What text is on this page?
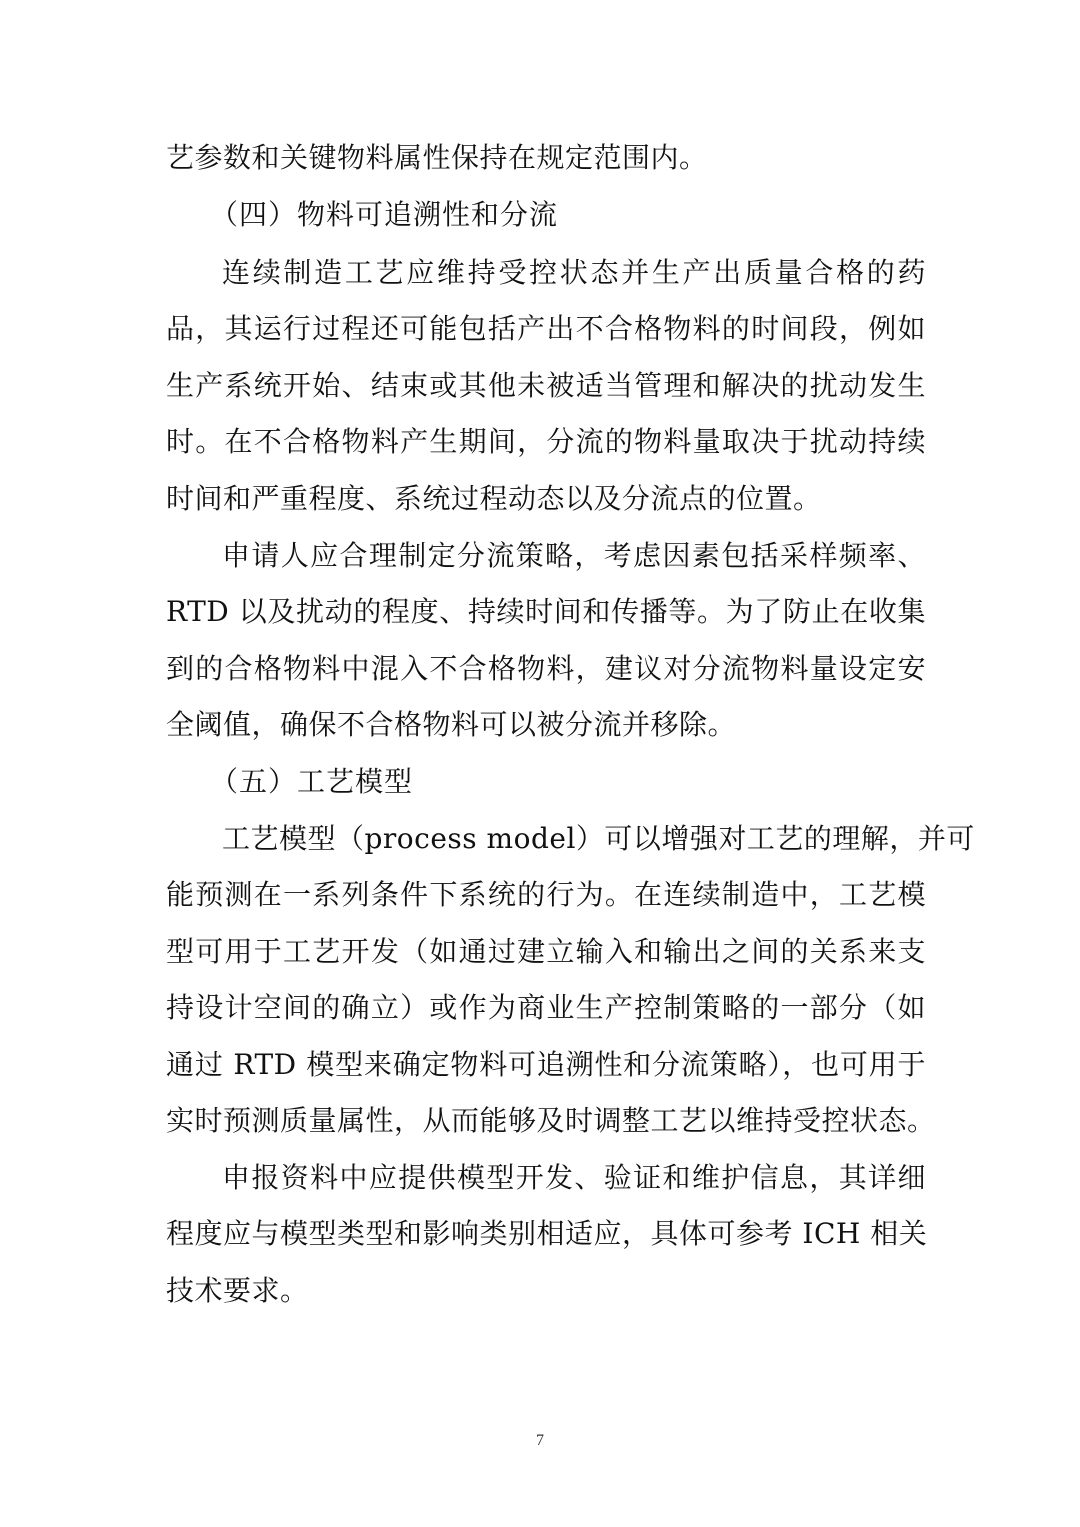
艺参数和关键物料属性保持在规定范围内。
（四）物料可追溯性和分流
连续制造工艺应维持受控状态并生产出质量合格的药
品，其运行过程还可能包括产出不合格物料的时间段，例如
生产系统开始、结束或其他未被适当管理和解决的扰动发生
时。在不合格物料产生期间，分流的物料量取决于扰动持续
时间和严重程度、系统过程动态以及分流点的位置。
申请人应合理制定分流策略，考虑因素包括采样频率、
RTD 以及扰动的程度、持续时间和传播等。为了防止在收集
到的合格物料中混入不合格物料，建议对分流物料量设定安
全阈值，确保不合格物料可以被分流并移除。
（五）工艺模型
工艺模型（process model）可以增强对工艺的理解，并可
能预测在一系列条件下系统的行为。在连续制造中，工艺模
型可用于工艺开发（如通过建立输入和输出之间的关系来支
持设计空间的确立）或作为商业生产控制策略的一部分（如
通过 RTD 模型来确定物料可追溯性和分流策略），也可用于
实时预测质量属性，从而能够及时调整工艺以维持受控状态。
申报资料中应提供模型开发、验证和维护信息，其详细
程度应与模型类型和影响类别相适应，具体可参考 ICH 相关
技术要求。
7
